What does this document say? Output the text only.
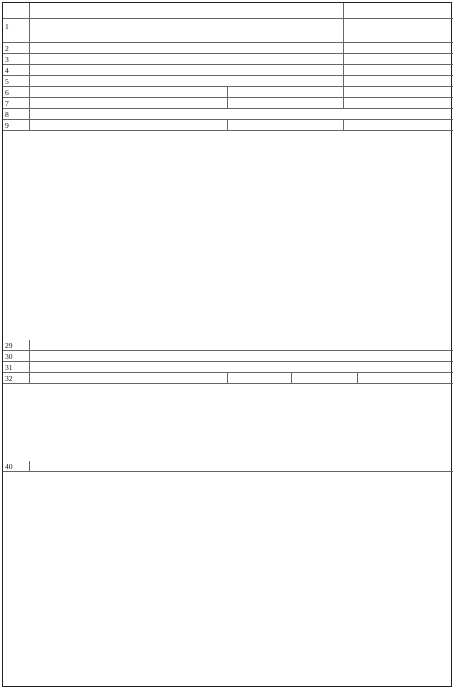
1
2
3
4
5
6
7
8
9
29
30
31
32
40
